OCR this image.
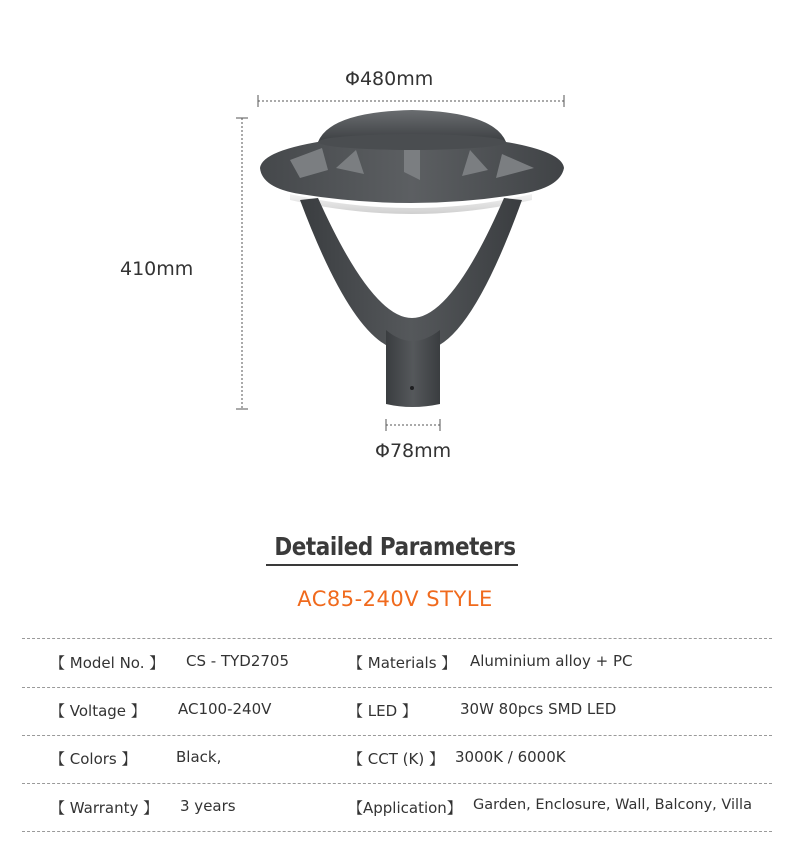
Φ480mm
410mm
Φ78mm
Detailed Parameters
AC85-240V STYLE
【 Model No. 】 CS - TYD2705	【 Materials 】 Aluminium alloy + PC
【 Voltage 】 AC100-240V	【 LED 】	30W 80pcs SMD LED
【 Colors 】	Black,	【 CCT (K) 】 3000K / 6000K
【 Warranty 】 3 years	【Application】 Garden, Enclosure, Wall, Balcony, Villa
